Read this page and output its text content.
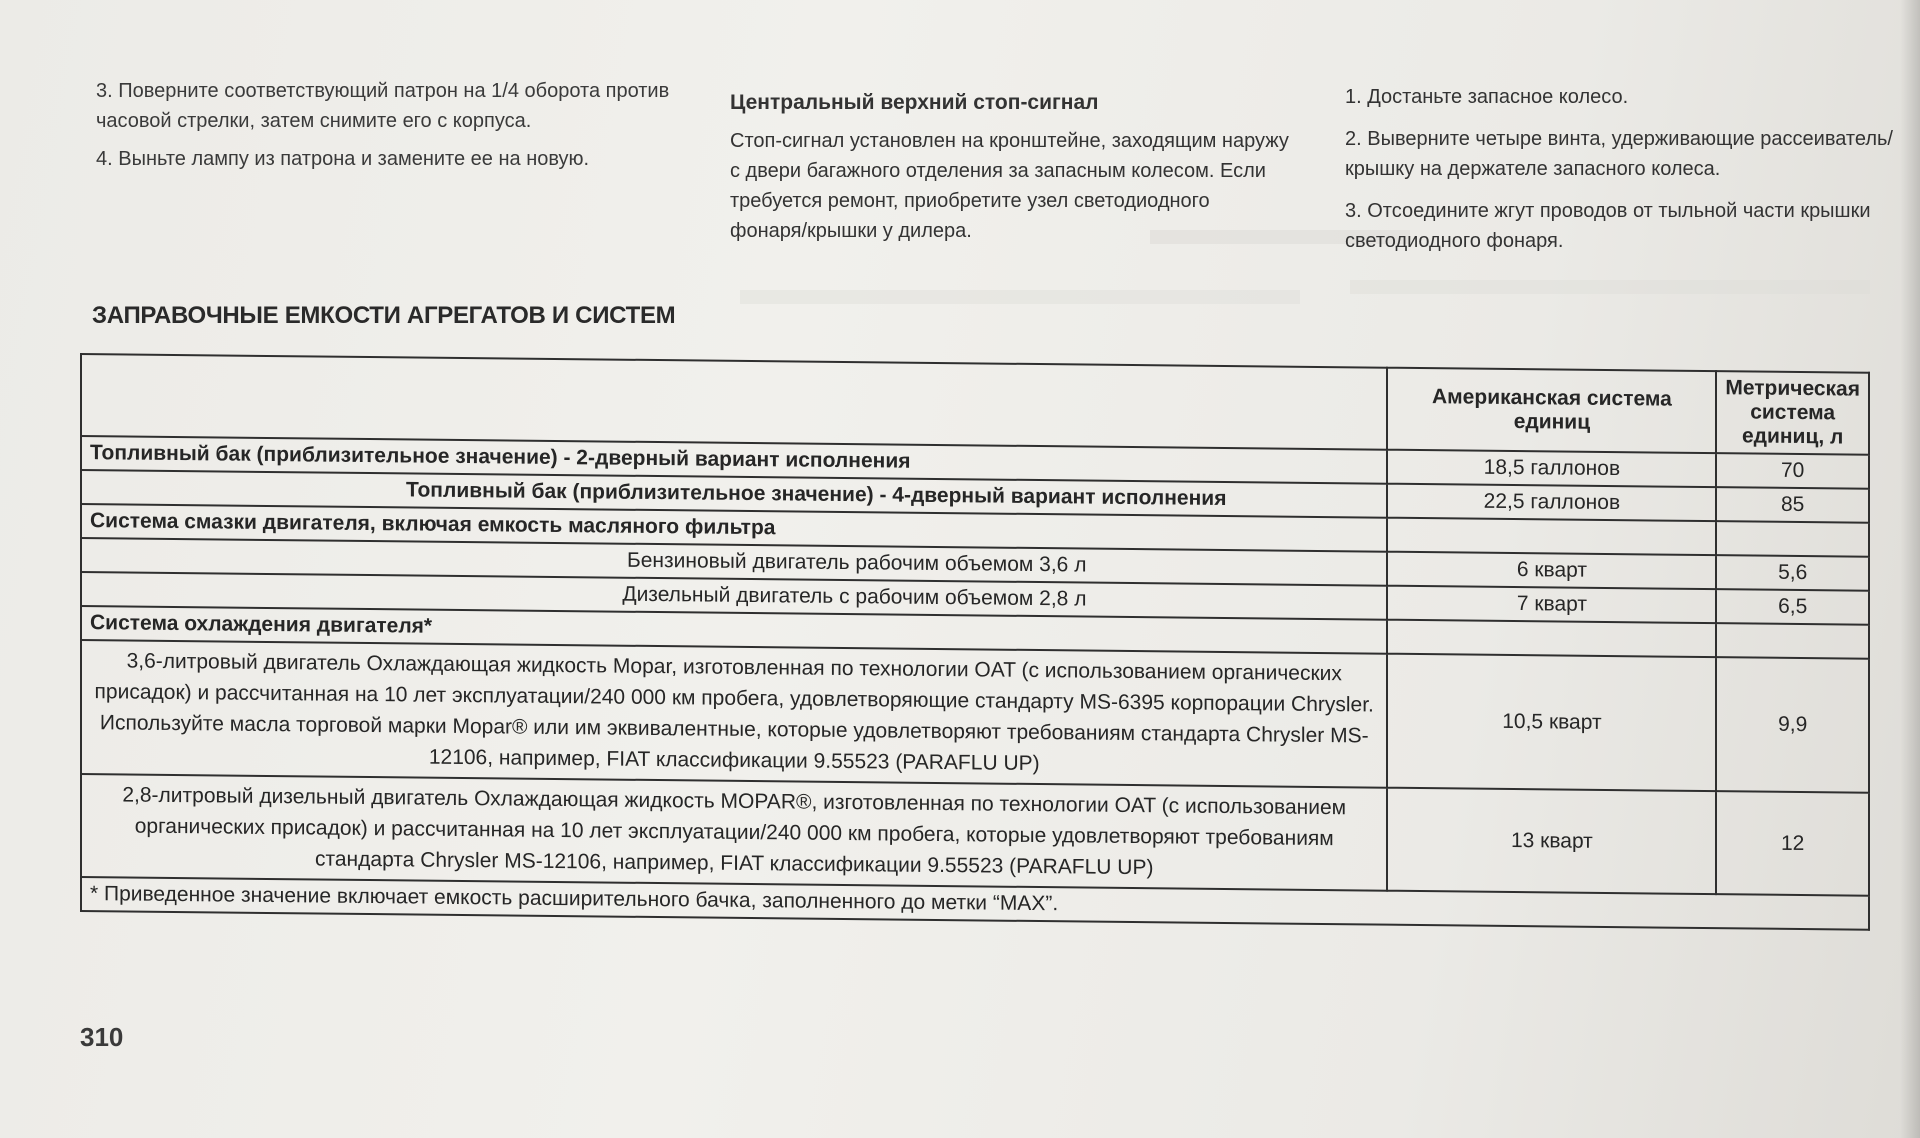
3. Поверните соответствующий патрон на 1/4 оборота против часовой стрелки, затем снимите его с корпуса.

4. Выньте лампу из патрона и замените ее на новую.

Центральный верхний стоп-сигнал

Стоп-сигнал установлен на кронштейне, заходящим наружу с двери багажного отделения за запасным колесом. Если требуется ремонт, приобретите узел светодиодного фонаря/крышки у дилера.

1. Достаньте запасное колесо.
2. Выверните четыре винта, удерживающие рассеиватель/крышку на держателе запасного колеса.
3. Отсоедините жгут проводов от тыльной части крышки светодиодного фонаря.
ЗАПРАВОЧНЫЕ ЕМКОСТИ АГРЕГАТОВ И СИСТЕМ
	Американская система единиц	Метрическая система единиц, л
Топливный бак (приблизительное значение) - 2-дверный вариант исполнения	18,5 галлонов	70
Топливный бак (приблизительное значение) - 4-дверный вариант исполнения	22,5 галлонов	85
Система смазки двигателя, включая емкость масляного фильтра		
Бензиновый двигатель рабочим объемом 3,6 л	6 кварт	5,6
Дизельный двигатель с рабочим объемом 2,8 л	7 кварт	6,5
Система охлаждения двигателя*		
3,6-литровый двигатель Охлаждающая жидкость Mopar, изготовленная по технологии OAT (с использованием органических присадок) и рассчитанная на 10 лет эксплуатации/240 000 км пробега, удовлетворяющие стандарту MS-6395 корпорации Chrysler. Используйте масла торговой марки Mopar® или им эквивалентные, которые удовлетворяют требованиям стандарта Chrysler MS-12106, например, FIAT классификации 9.55523 (PARAFLU UP)	10,5 кварт	9,9
2,8-литровый дизельный двигатель Охлаждающая жидкость MOPAR®, изготовленная по технологии OAT (с использованием органических присадок) и рассчитанная на 10 лет эксплуатации/240 000 км пробега, которые удовлетворяют требованиям стандарта Chrysler MS-12106, например, FIAT классификации 9.55523 (PARAFLU UP)	13 кварт	12
* Приведенное значение включает емкость расширительного бачка, заполненного до метки “MAX”.		
310
